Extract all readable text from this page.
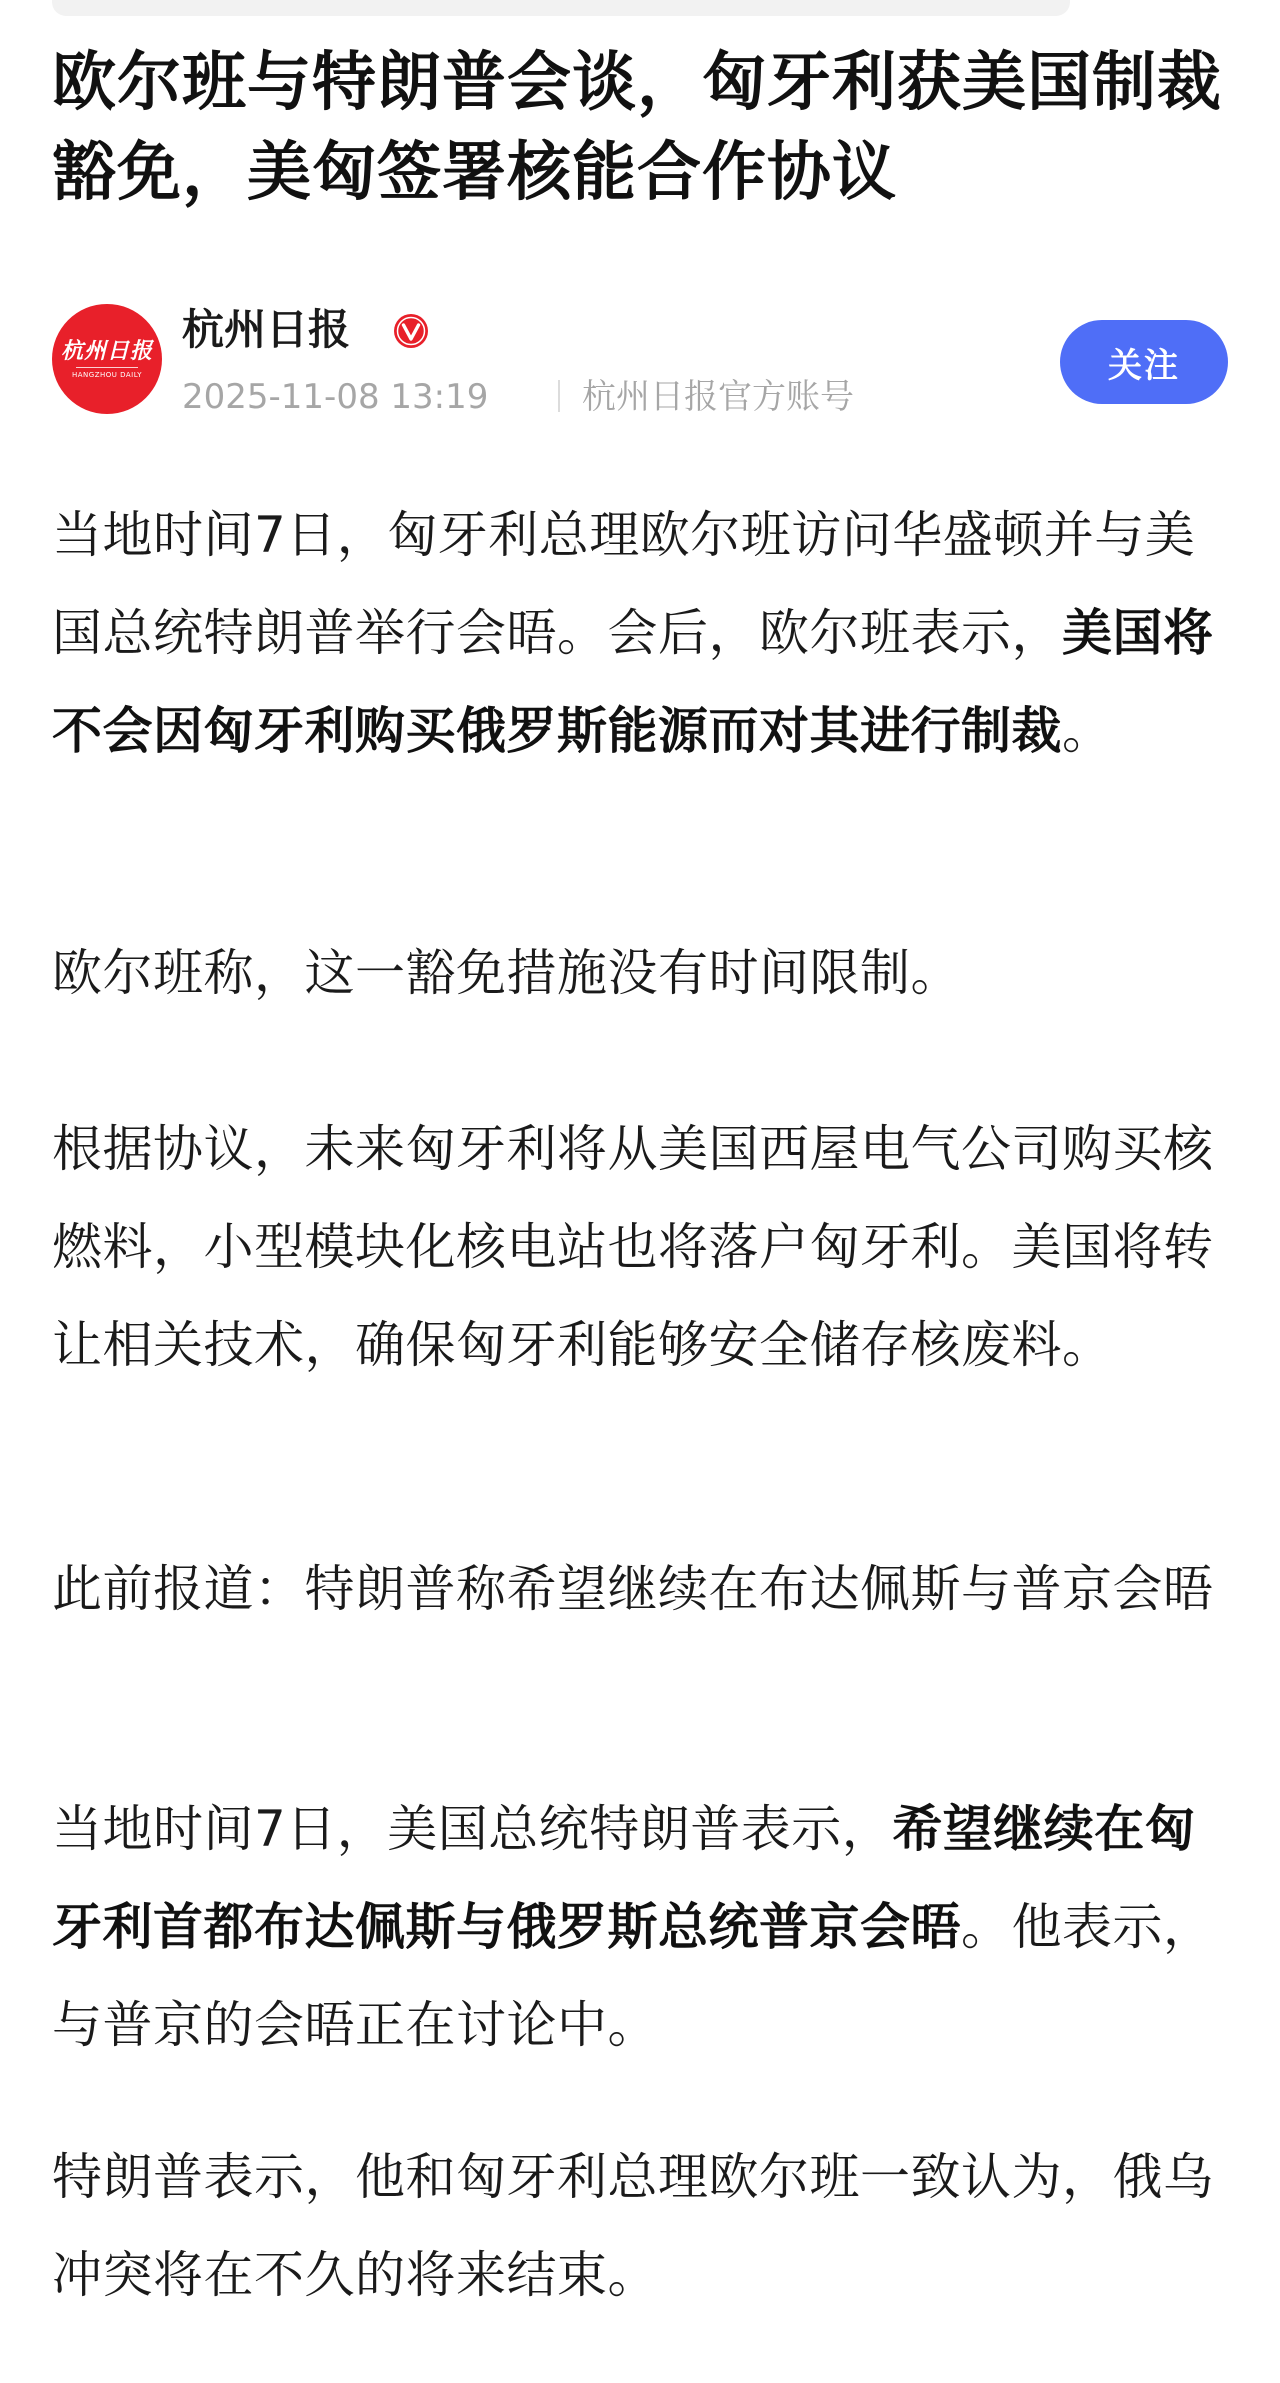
欧尔班与特朗普会谈，匈牙利获美国制裁豁免，美匈签署核能合作协议
杭州日报
HANGZHOU DAILY
杭州日报
2025-11-08 13:19	杭州日报官方账号
关注

当地时间7日，匈牙利总理欧尔班访问华盛顿并与美国总统特朗普举行会晤。会后，欧尔班表示，美国将不会因匈牙利购买俄罗斯能源而对其进行制裁。

欧尔班称，这一豁免措施没有时间限制。

根据协议，未来匈牙利将从美国西屋电气公司购买核燃料，小型模块化核电站也将落户匈牙利。美国将转让相关技术，确保匈牙利能够安全储存核废料。

此前报道：特朗普称希望继续在布达佩斯与普京会晤

当地时间7日，美国总统特朗普表示，希望继续在匈牙利首都布达佩斯与俄罗斯总统普京会晤。他表示，与普京的会晤正在讨论中。

特朗普表示，他和匈牙利总理欧尔班一致认为，俄乌冲突将在不久的将来结束。
